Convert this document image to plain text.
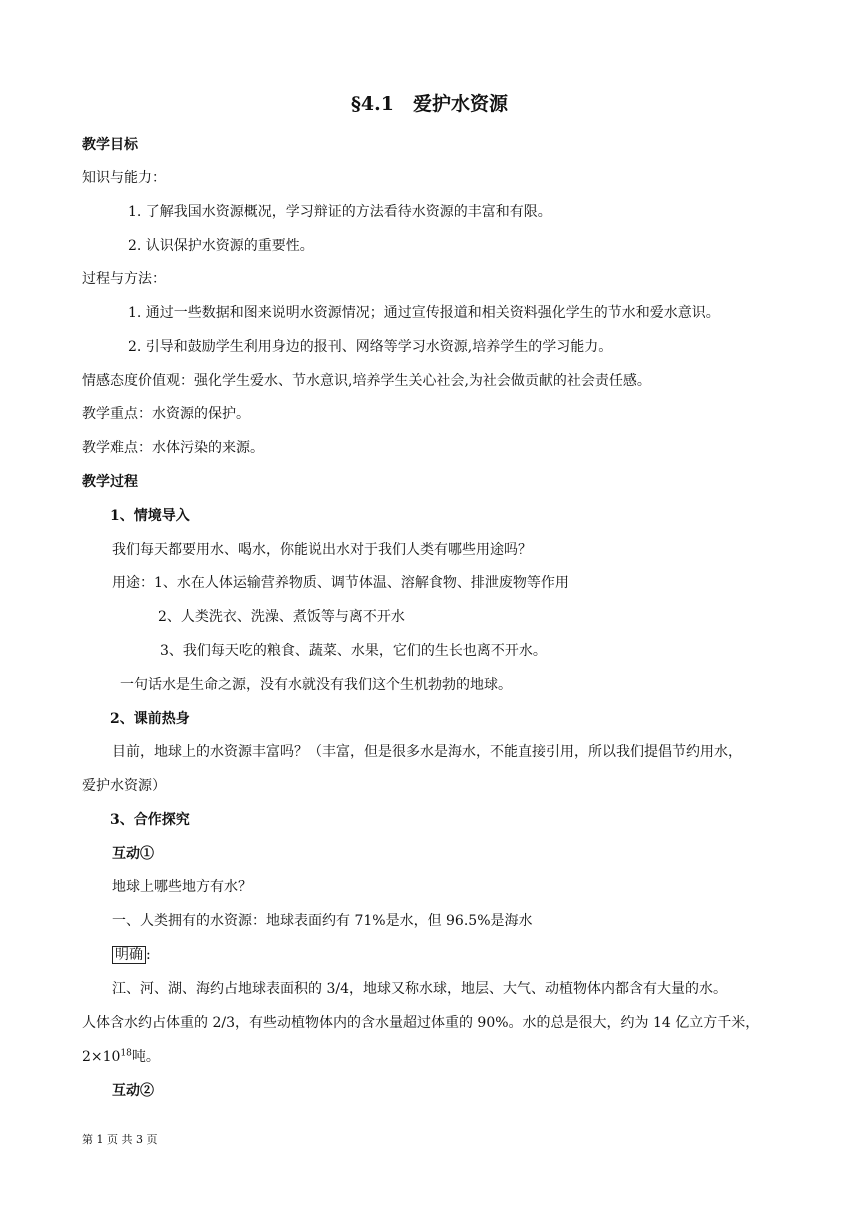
§4.1　爱护水资源
教学目标
知识与能力：
1. 了解我国水资源概况，学习辩证的方法看待水资源的丰富和有限。
2. 认识保护水资源的重要性。
过程与方法：
1. 通过一些数据和图来说明水资源情况；通过宣传报道和相关资料强化学生的节水和爱水意识。
2. 引导和鼓励学生利用身边的报刊、网络等学习水资源,培养学生的学习能力。
情感态度价值观：强化学生爱水、节水意识,培养学生关心社会,为社会做贡献的社会责任感。
教学重点：水资源的保护。
教学难点：水体污染的来源。
教学过程
1、情境导入
我们每天都要用水、喝水，你能说出水对于我们人类有哪些用途吗？
用途：1、水在人体运输营养物质、调节体温、溶解食物、排泄废物等作用
2、人类洗衣、洗澡、煮饭等与离不开水
3、我们每天吃的粮食、蔬菜、水果，它们的生长也离不开水。
一句话水是生命之源，没有水就没有我们这个生机勃勃的地球。
2、课前热身
目前，地球上的水资源丰富吗？（丰富，但是很多水是海水，不能直接引用，所以我们提倡节约用水，
爱护水资源）
3、合作探究
互动①
地球上哪些地方有水？
一、人类拥有的水资源：地球表面约有 71%是水，但 96.5%是海水
明确 :
江、河、湖、海约占地球表面积的 3/4，地球又称水球，地层、大气、动植物体内都含有大量的水。
人体含水约占体重的 2/3，有些动植物体内的含水量超过体重的 90%。水的总是很大，约为 14 亿立方千米，
$2\times 10^{18}$吨。
互动②
第 1 页 共 3 页
